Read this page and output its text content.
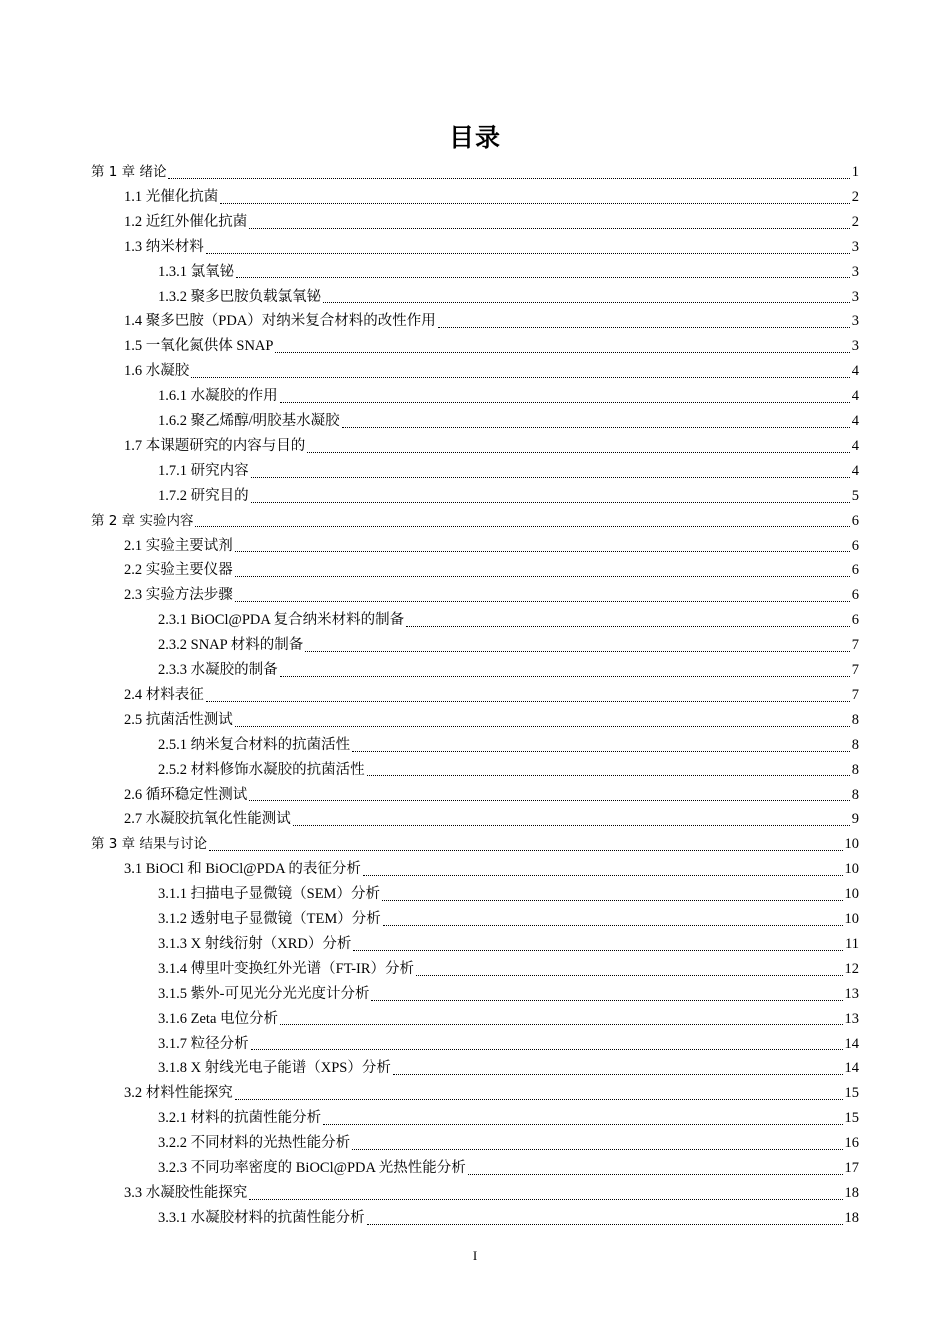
目录
第 1 章 绪论	1
1.1 光催化抗菌	2
1.2 近红外催化抗菌	2
1.3 纳米材料	3
1.3.1 氯氧铋	3
1.3.2 聚多巴胺负载氯氧铋	3
1.4 聚多巴胺（PDA）对纳米复合材料的改性作用	3
1.5 一氧化氮供体 SNAP	3
1.6 水凝胶	4
1.6.1 水凝胶的作用	4
1.6.2 聚乙烯醇/明胶基水凝胶	4
1.7 本课题研究的内容与目的	4
1.7.1 研究内容	4
1.7.2 研究目的	5
第 2 章 实验内容	6
2.1 实验主要试剂	6
2.2 实验主要仪器	6
2.3 实验方法步骤	6
2.3.1 BiOCl@PDA 复合纳米材料的制备	6
2.3.2 SNAP 材料的制备	7
2.3.3 水凝胶的制备	7
2.4 材料表征	7
2.5 抗菌活性测试	8
2.5.1 纳米复合材料的抗菌活性	8
2.5.2 材料修饰水凝胶的抗菌活性	8
2.6 循环稳定性测试	8
2.7 水凝胶抗氧化性能测试	9
第 3 章 结果与讨论	10
3.1 BiOCl 和 BiOCl@PDA 的表征分析	10
3.1.1 扫描电子显微镜（SEM）分析	10
3.1.2 透射电子显微镜（TEM）分析	10
3.1.3 X 射线衍射（XRD）分析	11
3.1.4 傅里叶变换红外光谱（FT-IR）分析	12
3.1.5 紫外-可见光分光光度计分析	13
3.1.6 Zeta 电位分析	13
3.1.7 粒径分析	14
3.1.8 X 射线光电子能谱（XPS）分析	14
3.2 材料性能探究	15
3.2.1 材料的抗菌性能分析	15
3.2.2 不同材料的光热性能分析	16
3.2.3 不同功率密度的 BiOCl@PDA 光热性能分析	17
3.3 水凝胶性能探究	18
3.3.1 水凝胶材料的抗菌性能分析	18
I
